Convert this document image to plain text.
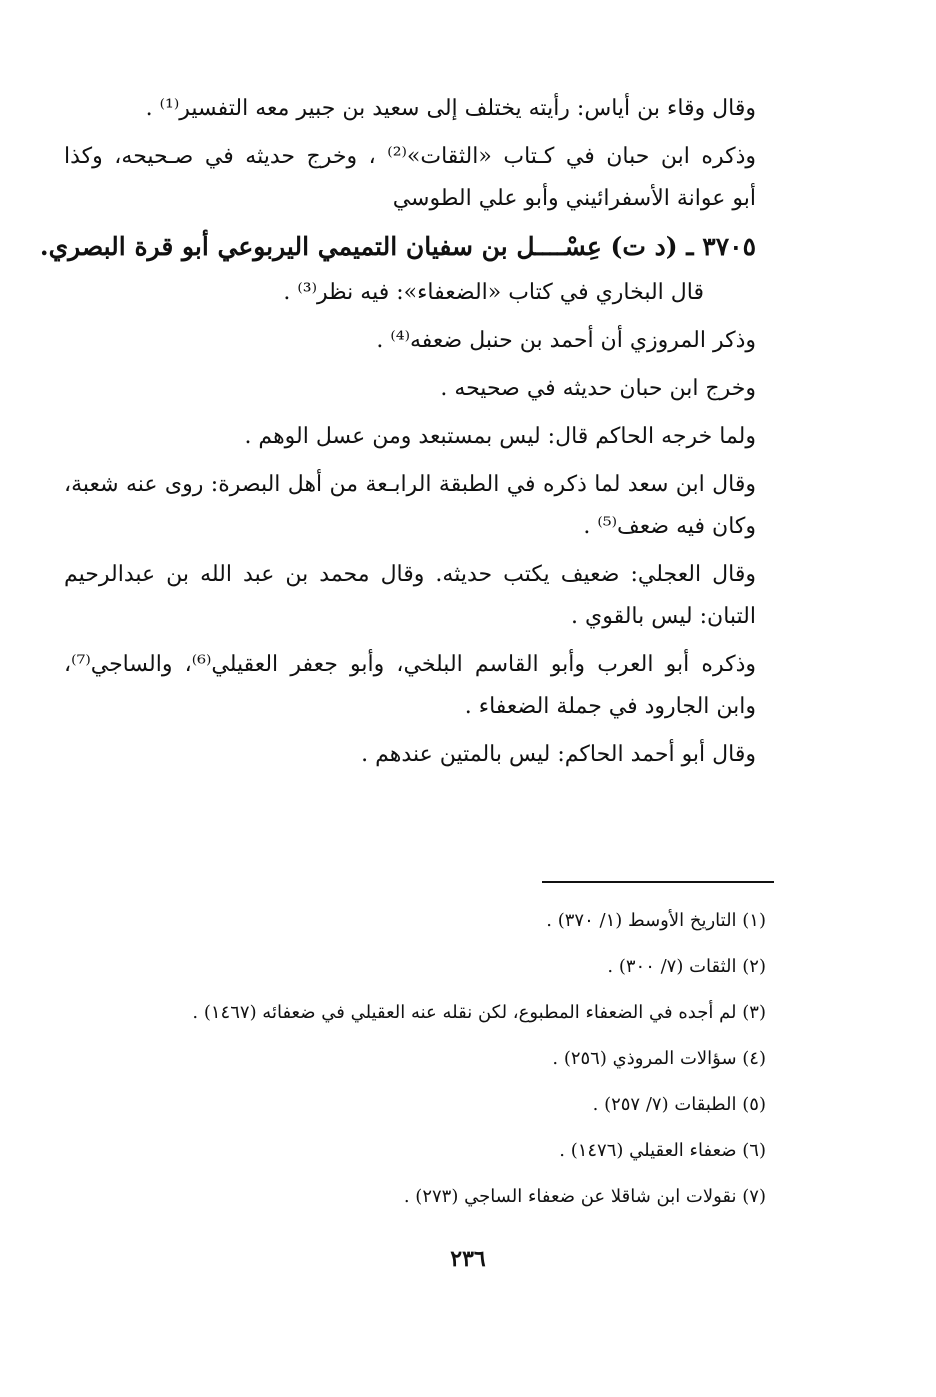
وقال وقاء بن أياس: رأيته يختلف إلى سعيد بن جبير معه التفسير⁽¹⁾ .

وذكره ابن حبان في كـتاب «الثقات»⁽²⁾ ، وخرج حديثه في صـحيحه، وكذا
أبو عوانة الأسفرائيني وأبو علي الطوسي

٣٧٠٥ ـ (د ت) عِسْــــل بن سفيان التميمي اليربوعي أبو قرة البصري.

قال البخاري في كتاب «الضعفاء»: فيه نظر⁽³⁾ .

وذكر المروزي أن أحمد بن حنبل ضعفه⁽⁴⁾ .

وخرج ابن حبان حديثه في صحيحه .

ولما خرجه الحاكم قال: ليس بمستبعد ومن عسل الوهم .

وقال ابن سعد لما ذكره في الطبقة الرابـعة من أهل البصرة: روى عنه شعبة،
وكان فيه ضعف⁽⁵⁾ .

وقال العجلي: ضعيف يكتب حديثه. وقال محمد بن عبد الله بن عبدالرحيم
التبان: ليس بالقوي .

وذكره أبو العرب وأبو القاسم البلخي، وأبو جعفر العقيلي⁽⁶⁾، والساجي⁽⁷⁾،
وابن الجارود في جملة الضعفاء .

وقال أبو أحمد الحاكم: ليس بالمتين عندهم .

(١) التاريخ الأوسط (١/ ٣٧٠) .
(٢) الثقات (٧/ ٣٠٠) .
(٣) لم أجده في الضعفاء المطبوع، لكن نقله عنه العقيلي في ضعفائه (١٤٦٧) .
(٤) سؤالات المروذي (٢٥٦) .
(٥) الطبقات (٧/ ٢٥٧) .
(٦) ضعفاء العقيلي (١٤٧٦) .
(٧) نقولات ابن شاقلا عن ضعفاء الساجي (٢٧٣) .
٢٣٦
